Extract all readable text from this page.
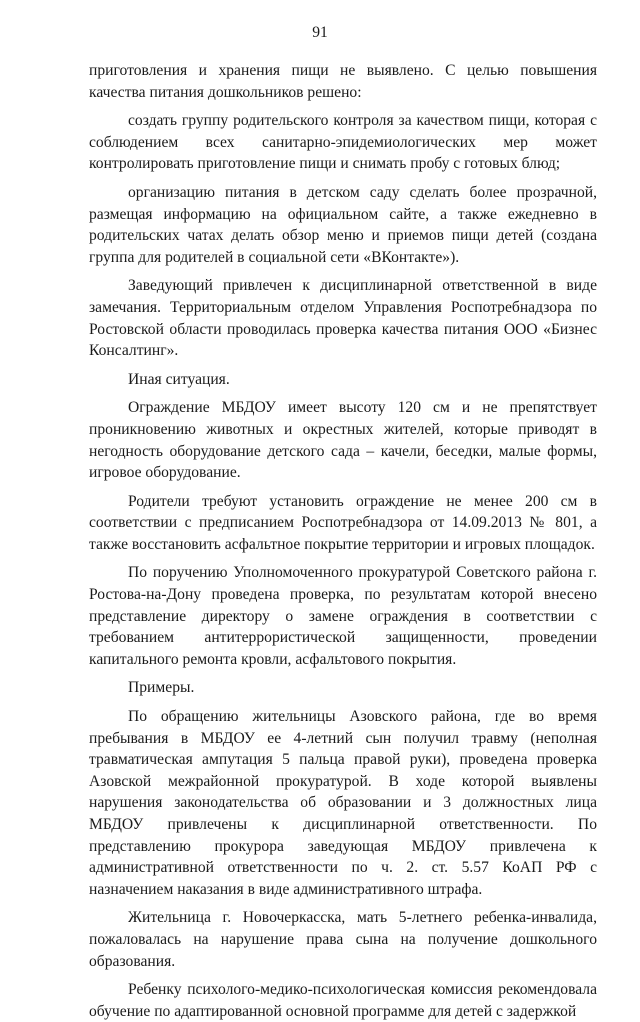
91

приготовления и хранения пищи не выявлено. С целью повышения качества питания дошкольников решено:

создать группу родительского контроля за качеством пищи, которая с соблюдением всех санитарно-эпидемиологических мер может контролировать приготовление пищи и снимать пробу с готовых блюд;

организацию питания в детском саду сделать более прозрачной, размещая информацию на официальном сайте, а также ежедневно в родительских чатах делать обзор меню и приемов пищи детей (создана группа для родителей в социальной сети «ВКонтакте»).

Заведующий привлечен к дисциплинарной ответственной в виде замечания. Территориальным отделом Управления Роспотребнадзора по Ростовской области проводилась проверка качества питания ООО «Бизнес Консалтинг».

Иная ситуация.

Ограждение МБДОУ имеет высоту 120 см и не препятствует проникновению животных и окрестных жителей, которые приводят в негодность оборудование детского сада – качели, беседки, малые формы, игровое оборудование.

Родители требуют установить ограждение не менее 200 см в соответствии с предписанием Роспотребнадзора от 14.09.2013 № 801, а также восстановить асфальтное покрытие территории и игровых площадок.

По поручению Уполномоченного прокуратурой Советского района г. Ростова-на-Дону проведена проверка, по результатам которой внесено представление директору о замене ограждения в соответствии с требованием антитеррористической защищенности, проведении капитального ремонта кровли, асфальтового покрытия.

Примеры.

По обращению жительницы Азовского района, где во время пребывания в МБДОУ ее 4-летний сын получил травму (неполная травматическая ампутация 5 пальца правой руки), проведена проверка Азовской межрайонной прокуратурой. В ходе которой выявлены нарушения законодательства об образовании и 3 должностных лица МБДОУ привлечены к дисциплинарной ответственности. По представлению прокурора заведующая МБДОУ привлечена к административной ответственности по ч. 2. ст. 5.57 КоАП РФ с назначением наказания в виде административного штрафа.

Жительница г. Новочеркасска, мать 5-летнего ребенка-инвалида, пожаловалась на нарушение права сына на получение дошкольного образования.

Ребенку психолого-медико-психологическая комиссия рекомендовала обучение по адаптированной основной программе для детей с задержкой
